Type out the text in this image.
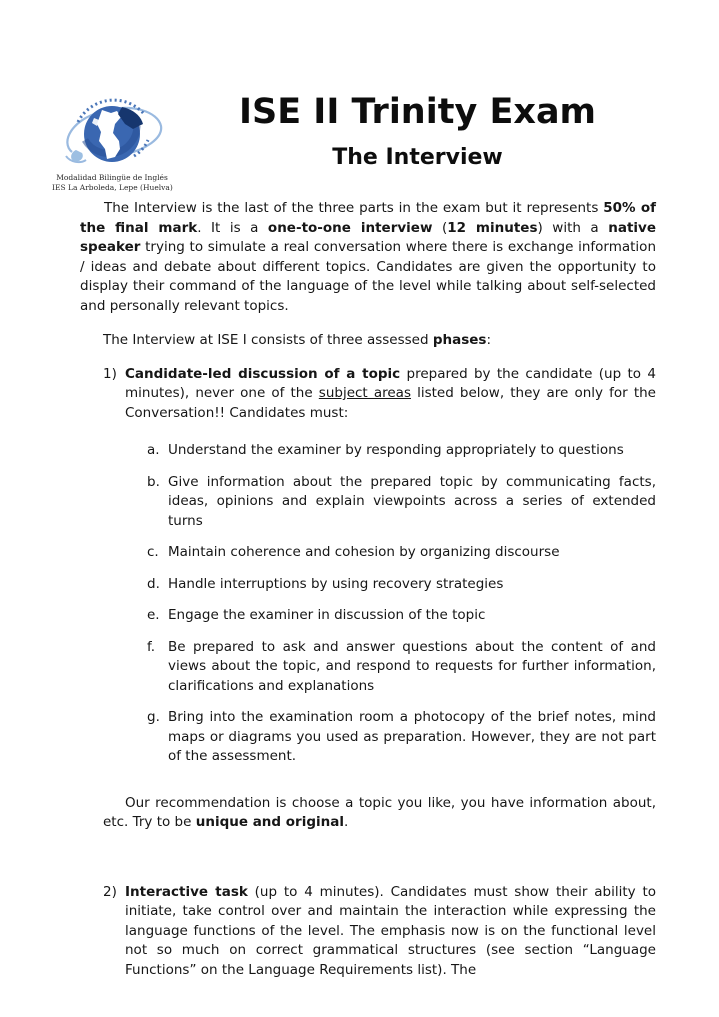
Modalidad Bilingüe de Inglés
IES La Arboleda, Lepe (Huelva)
ISE II Trinity Exam
The Interview

The Interview is the last of the three parts in the exam but it represents 50% of the final mark. It is a one-to-one interview (12 minutes) with a native speaker trying to simulate a real conversation where there is exchange information / ideas and debate about different topics. Candidates are given the opportunity to display their command of the language of the level while talking about self-selected and personally relevant topics.

The Interview at ISE I consists of three assessed phases:

1) Candidate-led discussion of a topic prepared by the candidate (up to 4 minutes), never one of the subject areas listed below, they are only for the Conversation!! Candidates must:
a. Understand the examiner by responding appropriately to questions
b. Give information about the prepared topic by communicating facts, ideas, opinions and explain viewpoints across a series of extended turns
c. Maintain coherence and cohesion by organizing discourse
d. Handle interruptions by using recovery strategies
e. Engage the examiner in discussion of the topic
f. Be prepared to ask and answer questions about the content of and views about the topic, and respond to requests for further information, clarifications and explanations
g. Bring into the examination room a photocopy of the brief notes, mind maps or diagrams you used as preparation. However, they are not part of the assessment.

Our recommendation is choose a topic you like, you have information about, etc. Try to be unique and original.

2) Interactive task (up to 4 minutes). Candidates must show their ability to initiate, take control over and maintain the interaction while expressing the language functions of the level. The emphasis now is on the functional level not so much on correct grammatical structures (see section “Language Functions” on the Language Requirements list). The
